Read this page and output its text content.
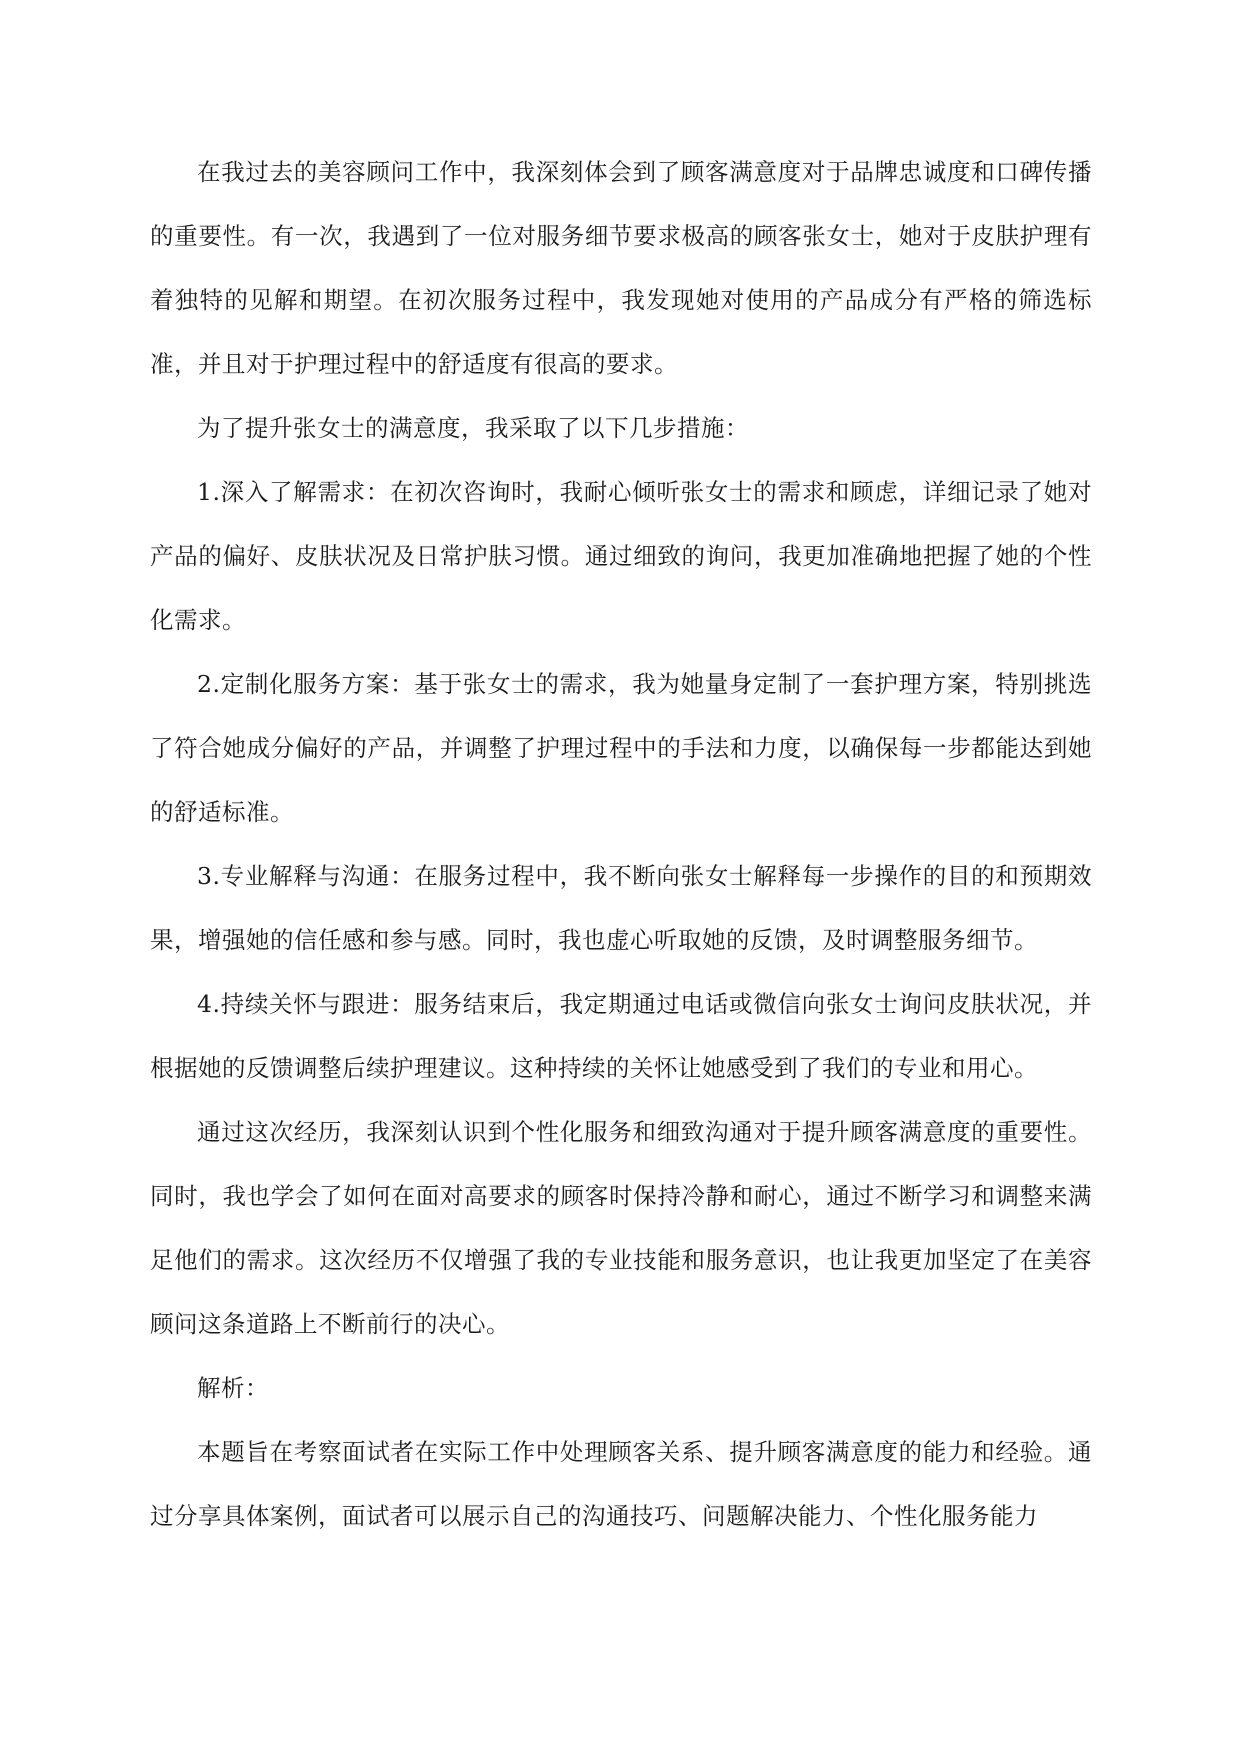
在我过去的美容顾问工作中，我深刻体会到了顾客满意度对于品牌忠诚度和口碑传播的重要性。有一次，我遇到了一位对服务细节要求极高的顾客张女士，她对于皮肤护理有着独特的见解和期望。在初次服务过程中，我发现她对使用的产品成分有严格的筛选标准，并且对于护理过程中的舒适度有很高的要求。

为了提升张女士的满意度，我采取了以下几步措施：

1.深入了解需求：在初次咨询时，我耐心倾听张女士的需求和顾虑，详细记录了她对产品的偏好、皮肤状况及日常护肤习惯。通过细致的询问，我更加准确地把握了她的个性化需求。

2.定制化服务方案：基于张女士的需求，我为她量身定制了一套护理方案，特别挑选了符合她成分偏好的产品，并调整了护理过程中的手法和力度，以确保每一步都能达到她的舒适标准。

3.专业解释与沟通：在服务过程中，我不断向张女士解释每一步操作的目的和预期效果，增强她的信任感和参与感。同时，我也虚心听取她的反馈，及时调整服务细节。

4.持续关怀与跟进：服务结束后，我定期通过电话或微信向张女士询问皮肤状况，并根据她的反馈调整后续护理建议。这种持续的关怀让她感受到了我们的专业和用心。

通过这次经历，我深刻认识到个性化服务和细致沟通对于提升顾客满意度的重要性。同时，我也学会了如何在面对高要求的顾客时保持冷静和耐心，通过不断学习和调整来满足他们的需求。这次经历不仅增强了我的专业技能和服务意识，也让我更加坚定了在美容顾问这条道路上不断前行的决心。

解析：

本题旨在考察面试者在实际工作中处理顾客关系、提升顾客满意度的能力和经验。通过分享具体案例，面试者可以展示自己的沟通技巧、问题解决能力、个性化服务能力
